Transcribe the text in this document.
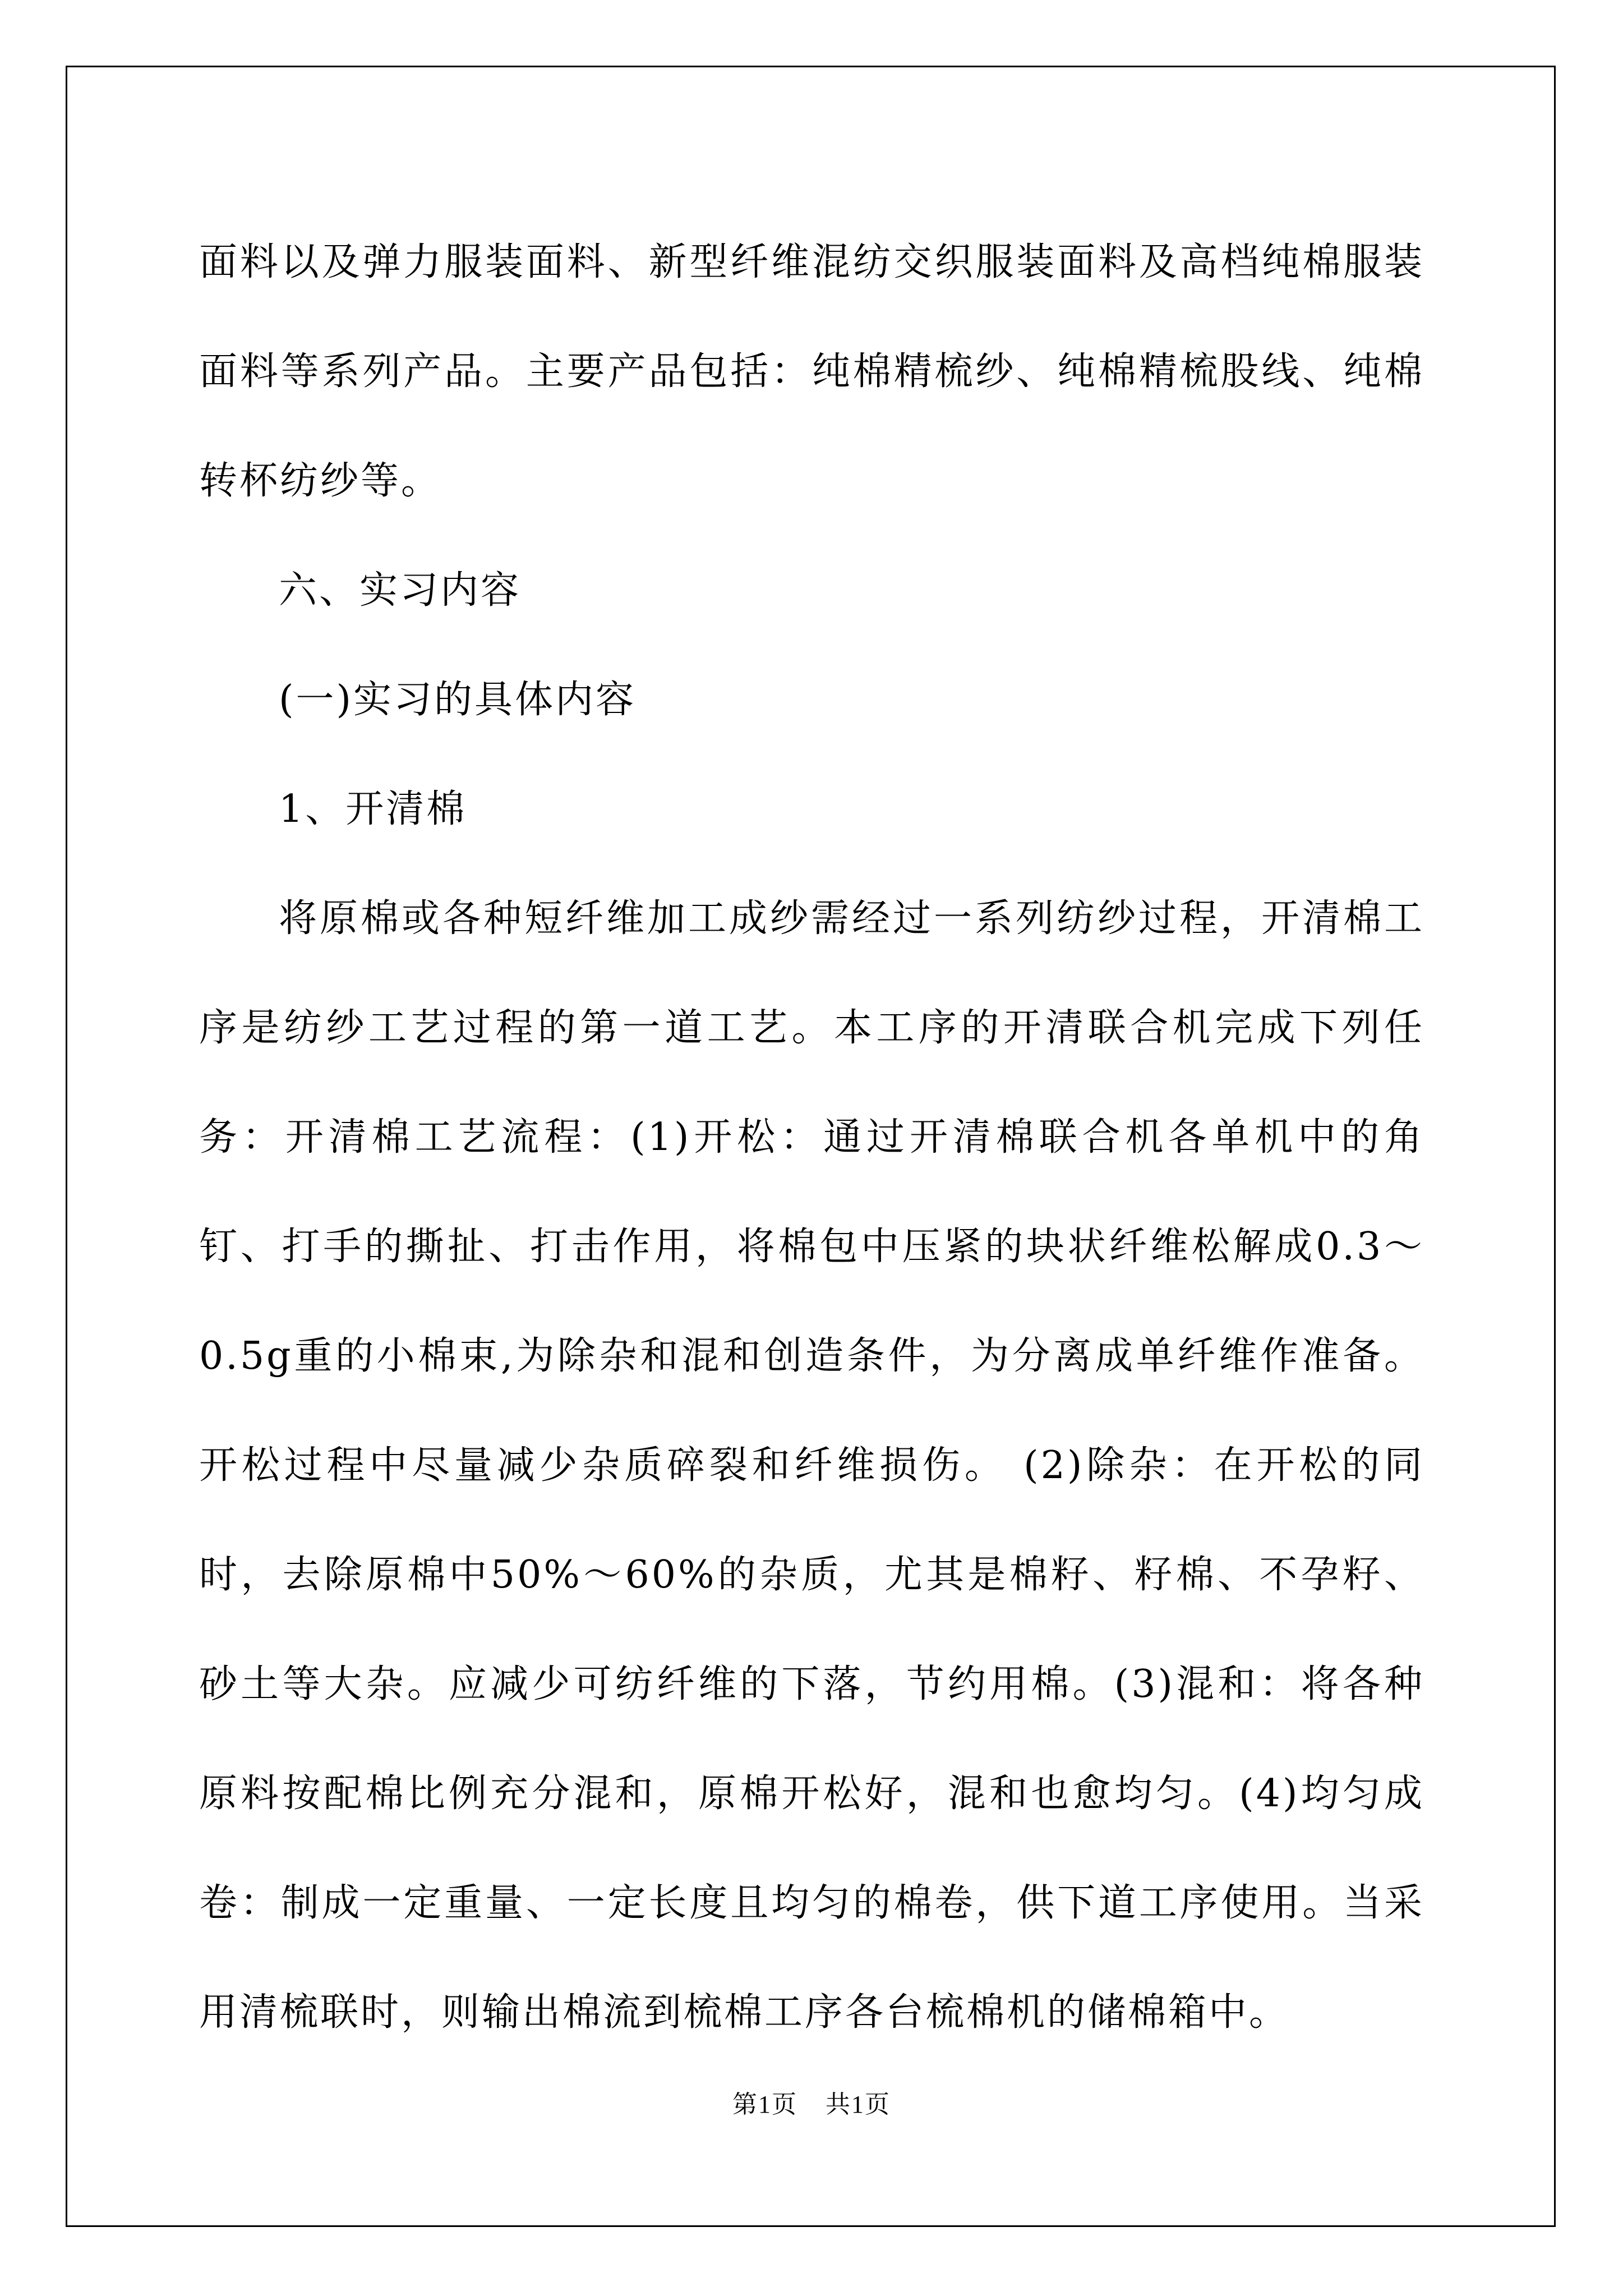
面料以及弹力服装面料、新型纤维混纺交织服装面料及高档纯棉服装面料等系列产品。主要产品包括：纯棉精梳纱、纯棉精梳股线、纯棉转杯纺纱等。

六、实习内容

(一)实习的具体内容

1、开清棉

将原棉或各种短纤维加工成纱需经过一系列纺纱过程，开清棉工序是纺纱工艺过程的第一道工艺。本工序的开清联合机完成下列任务：开清棉工艺流程：(1)开松：通过开清棉联合机各单机中的角钉、打手的撕扯、打击作用，将棉包中压紧的块状纤维松解成0.3～0.5g重的小棉束,为除杂和混和创造条件，为分离成单纤维作准备。开松过程中尽量减少杂质碎裂和纤维损伤。 (2)除杂：在开松的同时，去除原棉中50%～60%的杂质，尤其是棉籽、籽棉、不孕籽、砂土等大杂。应减少可纺纤维的下落，节约用棉。(3)混和：将各种原料按配棉比例充分混和，原棉开松好，混和也愈均匀。(4)均匀成卷：制成一定重量、一定长度且均匀的棉卷，供下道工序使用。当采用清梳联时，则输出棉流到梳棉工序各台梳棉机的储棉箱中。

第1页 共1页
